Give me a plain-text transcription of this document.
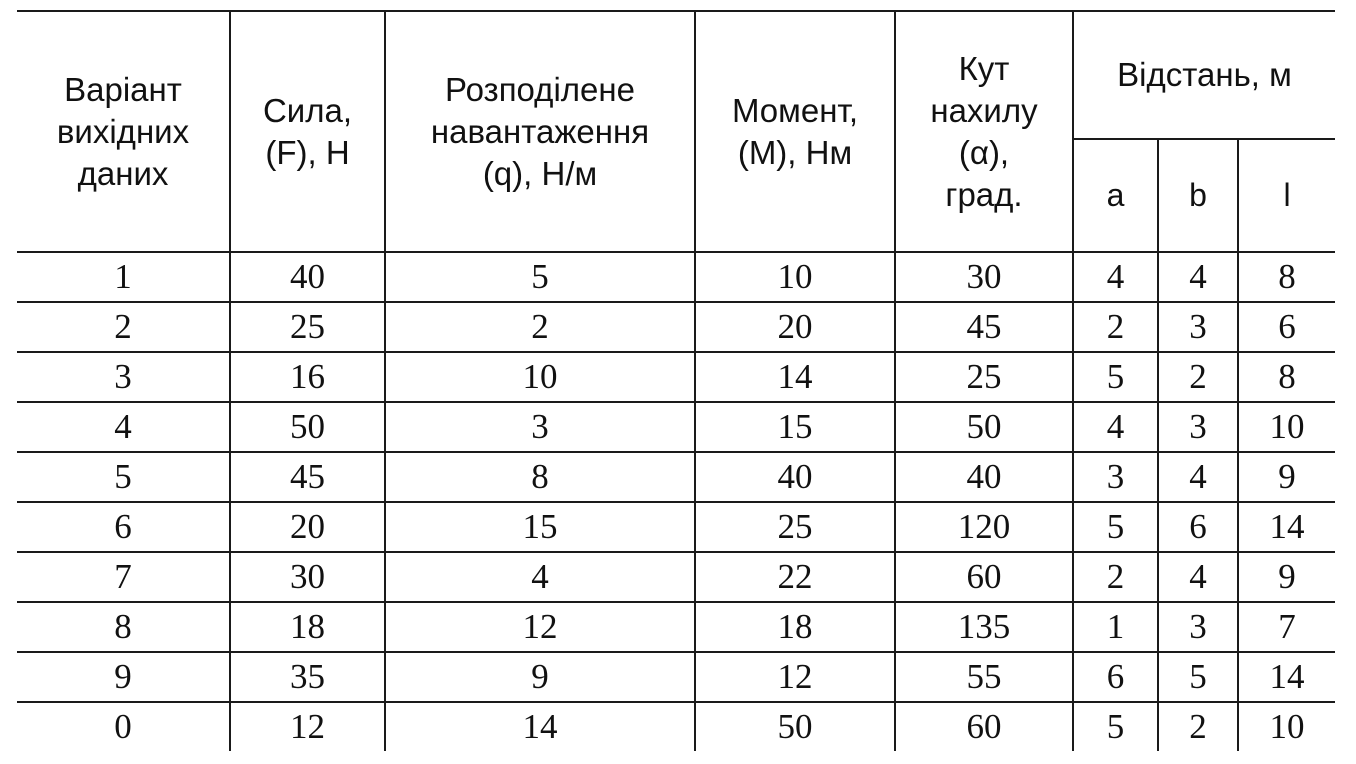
Варіант
вихідних
даних	Сила,
(F), Н	Розподілене
навантаження
(q), Н/м	Момент,
(М), Нм	Кут
нахилу
(α),
град.	Відстань, м		
					a	b	l
1	40	5	10	30	4	4	8
2	25	2	20	45	2	3	6
3	16	10	14	25	5	2	8
4	50	3	15	50	4	3	10
5	45	8	40	40	3	4	9
6	20	15	25	120	5	6	14
7	30	4	22	60	2	4	9
8	18	12	18	135	1	3	7
9	35	9	12	55	6	5	14
0	12	14	50	60	5	2	10
